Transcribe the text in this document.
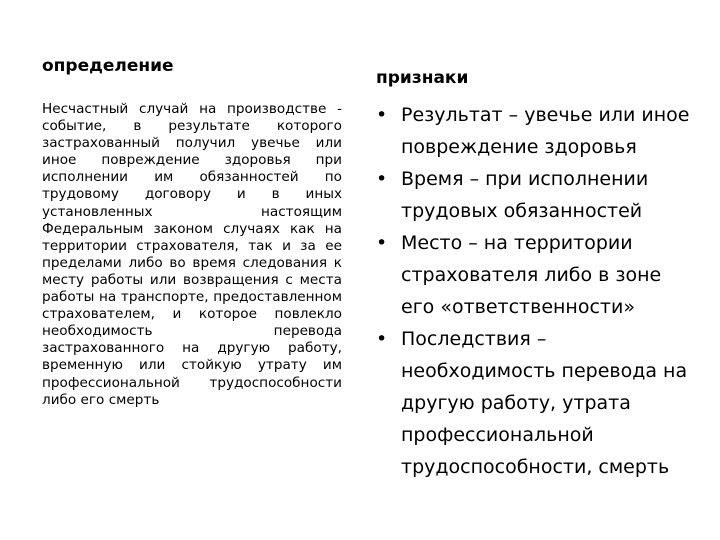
определение

Несчастный случай на производстве - событие, в результате которого застрахованный получил увечье или иное повреждение здоровья при исполнении им обязанностей по трудовому договору и в иных установленных настоящим Федеральным законом случаях как на территории страхователя, так и за ее пределами либо во время следования к месту работы или возвращения с места работы на транспорте, предоставленном страхователем, и которое повлекло необходимость перевода застрахованного на другую работу, временную или стойкую утрату им профессиональной трудоспособности либо его смерть

признаки
• Результат – увечье или иное повреждение здоровья
• Время – при исполнении трудовых обязанностей
• Место – на территории страхователя либо в зоне его «ответственности»
• Последствия – необходимость перевода на другую работу, утрата профессиональной трудоспособности, смерть
